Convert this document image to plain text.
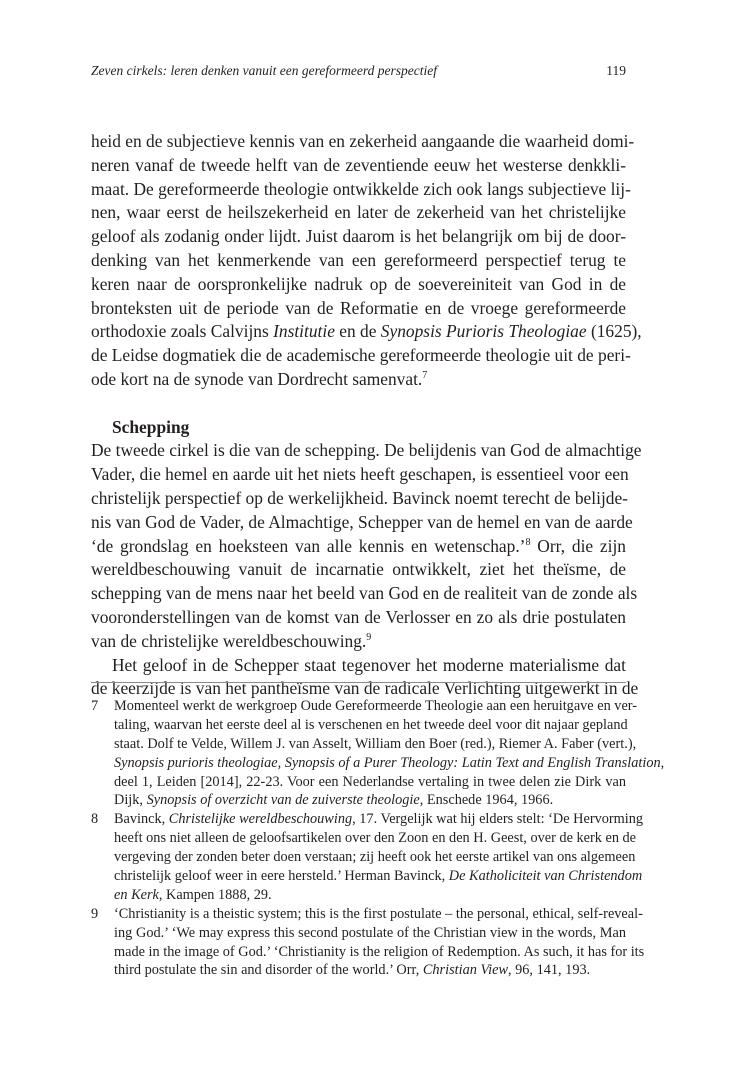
Zeven cirkels: leren denken vanuit een gereformeerd perspectief	119
heid en de subjectieve kennis van en zekerheid aangaande die waarheid domi-
neren vanaf de tweede helft van de zeventiende eeuw het westerse denkkli-
maat. De gereformeerde theologie ontwikkelde zich ook langs subjectieve lij-
nen, waar eerst de heilszekerheid en later de zekerheid van het christelijke
geloof als zodanig onder lijdt. Juist daarom is het belangrijk om bij de door-
denking van het kenmerkende van een gereformeerd perspectief terug te
keren naar de oorspronkelijke nadruk op de soevereiniteit van God in de
bronteksten uit de periode van de Reformatie en de vroege gereformeerde
orthodoxie zoals Calvijns Institutie en de Synopsis Purioris Theologiae (1625),
de Leidse dogmatiek die de academische gereformeerde theologie uit de peri-
ode kort na de synode van Dordrecht samenvat.$^7$
Schepping
De tweede cirkel is die van de schepping. De belijdenis van God de almachtige
Vader, die hemel en aarde uit het niets heeft geschapen, is essentieel voor een
christelijk perspectief op de werkelijkheid. Bavinck noemt terecht de belijde-
nis van God de Vader, de Almachtige, Schepper van de hemel en van de aarde
‘de grondslag en hoeksteen van alle kennis en wetenschap.’$^8$ Orr, die zijn
wereldbeschouwing vanuit de incarnatie ontwikkelt, ziet het theïsme, de
schepping van de mens naar het beeld van God en de realiteit van de zonde als
vooronderstellingen van de komst van de Verlosser en zo als drie postulaten
van de christelijke wereldbeschouwing.$^9$
Het geloof in de Schepper staat tegenover het moderne materialisme dat
de keerzijde is van het pantheïsme van de radicale Verlichting uitgewerkt in de
7 Momenteel werkt de werkgroep Oude Gereformeerde Theologie aan een heruitgave en ver-
taling, waarvan het eerste deel al is verschenen en het tweede deel voor dit najaar gepland
staat. Dolf te Velde, Willem J. van Asselt, William den Boer (red.), Riemer A. Faber (vert.),
Synopsis purioris theologiae, Synopsis of a Purer Theology: Latin Text and English Translation,
deel 1, Leiden [2014], 22-23. Voor een Nederlandse vertaling in twee delen zie Dirk van
Dijk, Synopsis of overzicht van de zuiverste theologie, Enschede 1964, 1966.
8 Bavinck, Christelijke wereldbeschouwing, 17. Vergelijk wat hij elders stelt: ‘De Hervorming
heeft ons niet alleen de geloofsartikelen over den Zoon en den H. Geest, over de kerk en de
vergeving der zonden beter doen verstaan; zij heeft ook het eerste artikel van ons algemeen
christelijk geloof weer in eere hersteld.’ Herman Bavinck, De Katholiciteit van Christendom
en Kerk, Kampen 1888, 29.
9 ‘Christianity is a theistic system; this is the first postulate – the personal, ethical, self-reveal-
ing God.’ ‘We may express this second postulate of the Christian view in the words, Man
made in the image of God.’ ‘Christianity is the religion of Redemption. As such, it has for its
third postulate the sin and disorder of the world.’ Orr, Christian View, 96, 141, 193.
